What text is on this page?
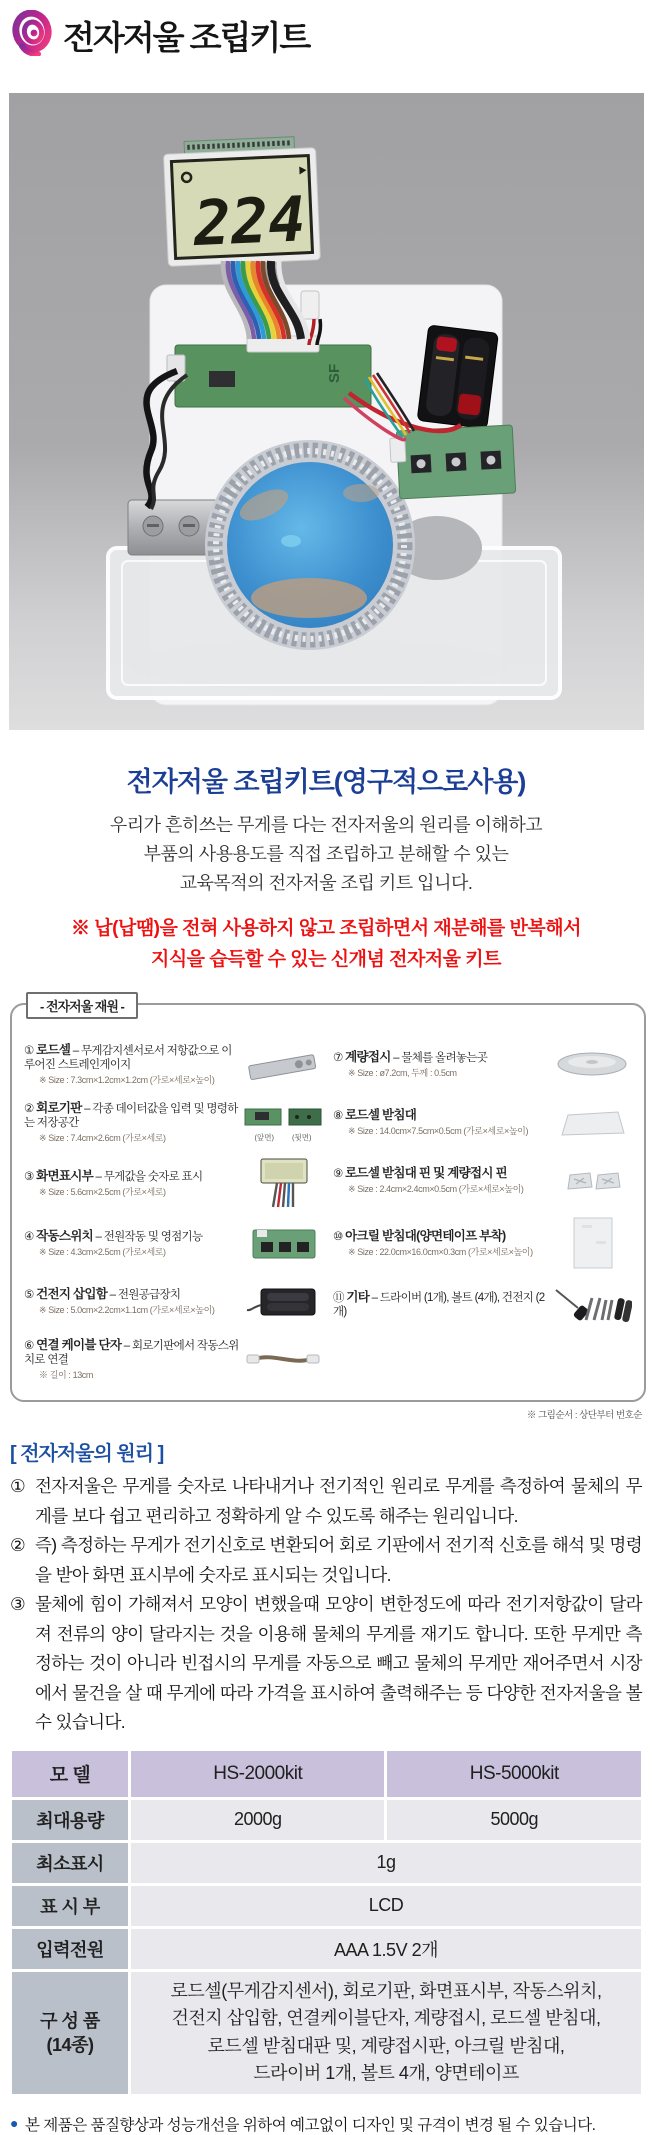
전자저울 조립키트
SF
224
전자저울 조립키트(영구적으로사용)
우리가 흔히쓰는 무게를 다는 전자저울의 원리를 이해하고
부품의 사용용도를 직접 조립하고 분해할 수 있는
교육목적의 전자저울 조립 키트 입니다.
※ 납(납땜)을 전혀 사용하지 않고 조립하면서 재분해를 반복해서
지식을 습득할 수 있는 신개념 전자저울 키트
- 전자저울 재원 -
① 로드셀 – 무게감지센서로서 저항값으로 이루어진 스트레인게이지
※ Size : 7.3cm×1.2cm×1.2cm (가로×세로×높이)
② 회로기판 – 각종 데이터값을 입력 및 명령하는 저장공간
※ Size : 7.4cm×2.6cm (가로×세로)	(앞면) (뒷면)
③ 화면표시부 – 무게값을 숫자로 표시
※ Size : 5.6cm×2.5cm (가로×세로)
④ 작동스위치 – 전원작동 및 영점기능
※ Size : 4.3cm×2.5cm (가로×세로)
⑤ 건전지 삽입함 – 전원공급장치
※ Size : 5.0cm×2.2cm×1.1cm (가로×세로×높이)
⑥ 연결 케이블 단자 – 회로기판에서 작동스위치로 연결
※ 길이 : 13cm
⑦ 계량접시 – 물체를 올려놓는곳
※ Size : ø7.2cm, 두께 : 0.5cm
⑧ 로드셀 받침대
※ Size : 14.0cm×7.5cm×0.5cm (가로×세로×높이)
⑨ 로드셀 받침대 핀 및 계량접시 핀
※ Size : 2.4cm×2.4cm×0.5cm (가로×세로×높이)
⑩ 아크릴 받침대(양면테이프 부착)
※ Size : 22.0cm×16.0cm×0.3cm (가로×세로×높이)
⑪ 기타 – 드라이버 (1개), 볼트 (4개), 건전지 (2개)
※ 그림순서 : 상단부터 번호순
[ 전자저울의 원리 ]
① 전자저울은 무게를 숫자로 나타내거나 전기적인 원리로 무게를 측정하여 물체의 무게를 보다 쉽고 편리하고 정확하게 알 수 있도록 해주는 원리입니다.
② 즉) 측정하는 무게가 전기신호로 변환되어 회로 기판에서 전기적 신호를 해석 및 명령을 받아 화면 표시부에 숫자로 표시되는 것입니다.
③ 물체에 힘이 가해져서 모양이 변했을때 모양이 변한정도에 따라 전기저항값이 달라져 전류의 양이 달라지는 것을 이용해 물체의 무게를 재기도 합니다. 또한 무게만 측정하는 것이 아니라 빈접시의 무게를 자동으로 빼고 물체의 무게만 재어주면서 시장에서 물건을 살 때 무게에 따라 가격을 표시하여 출력해주는 등 다양한 전자저울을 볼 수 있습니다.
모 델	HS-2000kit	HS-5000kit
최대용량	2000g	5000g
최소표시	1g	
표 시 부	LCD	
입력전원	AAA 1.5V 2개	

구 성 품
(14종)

로드셀(무게감지센서), 회로기판, 화면표시부, 작동스위치,
건전지 삽입함, 연결케이블단자, 계량접시, 로드셀 받침대,
로드셀 받침대판 및, 계량접시판, 아크릴 받침대,
드라이버 1개, 볼트 4개, 양면테이프
● 본 제품은 품질향상과 성능개선을 위하여 예고없이 디자인 및 규격이 변경 될 수 있습니다.
